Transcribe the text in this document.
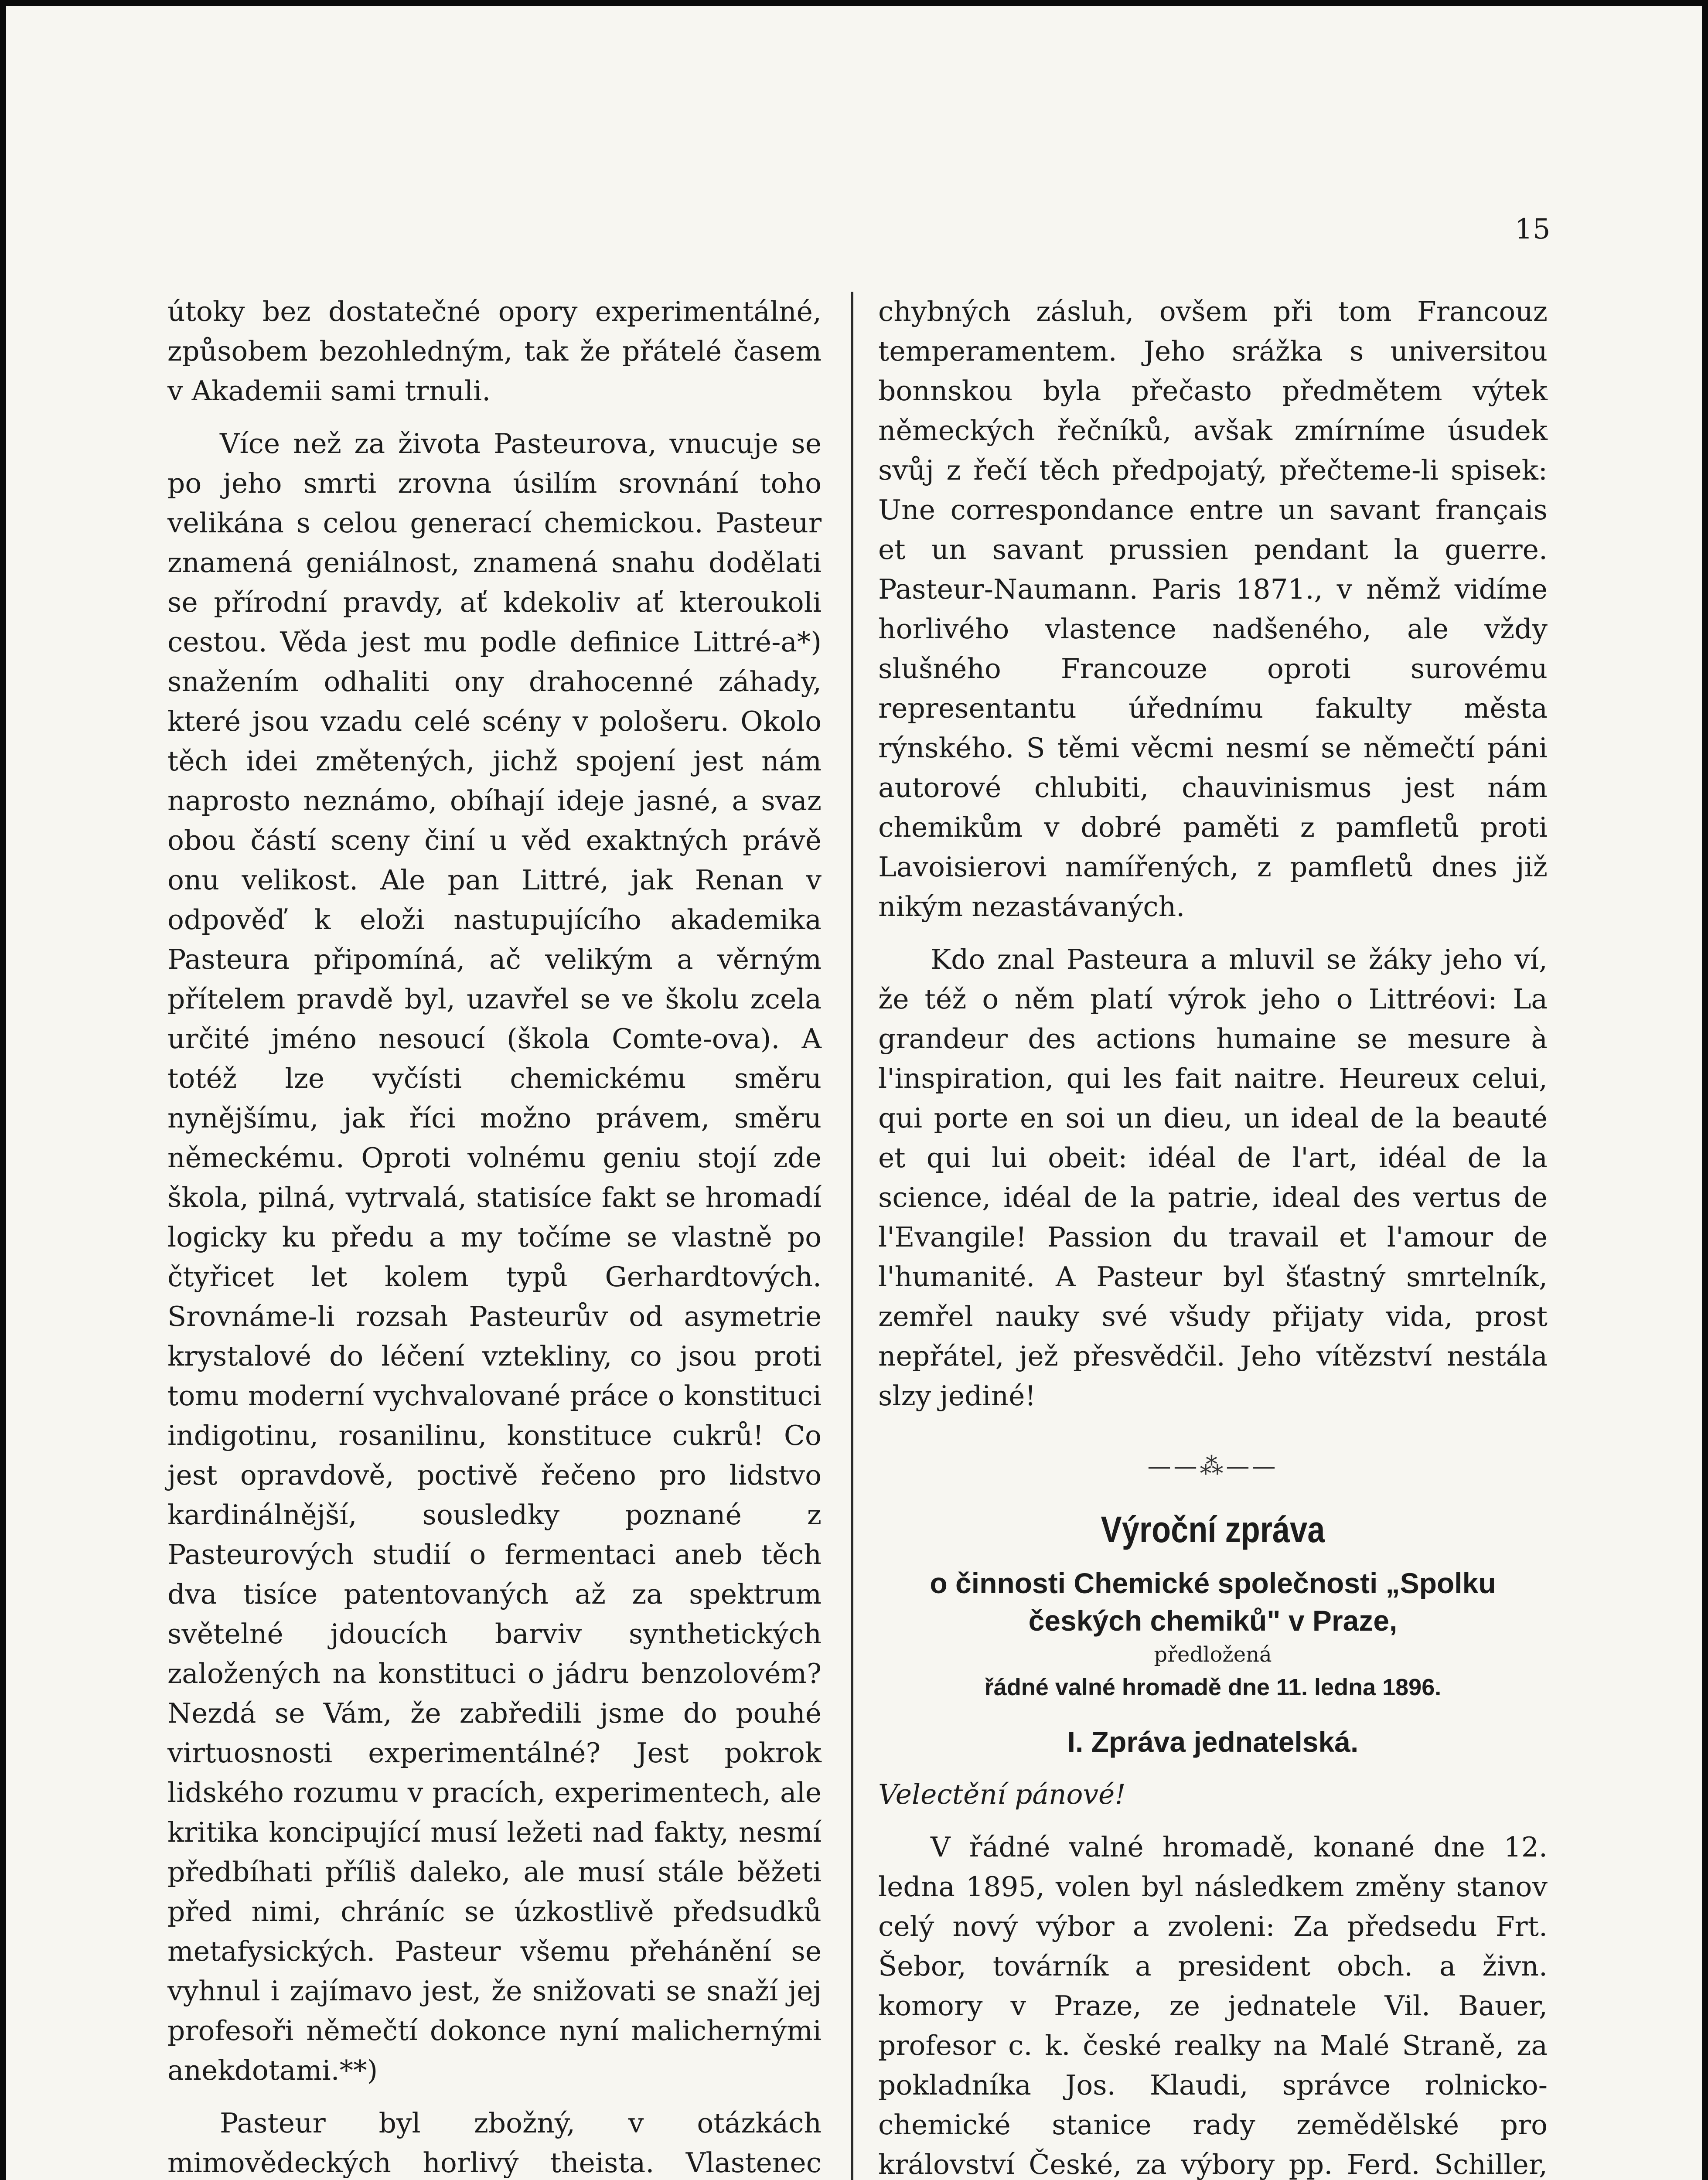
15

útoky bez dostatečné opory experimentálné, způsobem bezohledným, tak že přátelé časem v Akademii sami trnuli.

Více než za života Pasteurova, vnucuje se po jeho smrti zrovna úsilím srovnání toho velikána s celou generací chemickou. Pasteur znamená geniálnost, znamená snahu dodělati se přírodní pravdy, ať kdekoliv ať kteroukoli cestou. Věda jest mu podle definice Littré-a*) snažením odhaliti ony drahocenné záhady, které jsou vzadu celé scény v pološeru. Okolo těch idei změtených, jichž spojení jest nám naprosto neznámo, obíhají ideje jasné, a svaz obou částí sceny činí u věd exaktných právě onu velikost. Ale pan Littré, jak Renan v odpověď k eloži nastupujícího akademika Pasteura připomíná, ač velikým a věrným přítelem pravdě byl, uzavřel se ve školu zcela určité jméno nesoucí (škola Comte-ova). A totéž lze vyčísti chemickému směru nynějšímu, jak říci možno právem, směru německému. Oproti volnému geniu stojí zde škola, pilná, vytrvalá, statisíce fakt se hromadí logicky ku předu a my točíme se vlastně po čtyřicet let kolem typů Gerhardtových. Srovnáme-li rozsah Pasteurův od asymetrie krystalové do léčení vztekliny, co jsou proti tomu moderní vychvalované práce o konstituci indigotinu, rosanilinu, konstituce cukrů! Co jest opravdově, poctivě řečeno pro lidstvo kardinálnější, sousledky poznané z Pasteurových studií o fermentaci aneb těch dva tisíce patentovaných až za spektrum světelné jdoucích barviv synthetických založených na konstituci o jádru benzolovém? Nezdá se Vám, že zabředili jsme do pouhé virtuosnosti experimentálné? Jest pokrok lidského rozumu v pracích, experimentech, ale kritika koncipující musí ležeti nad fakty, nesmí předbíhati příliš daleko, ale musí stále běžeti před nimi, chráníc se úzkostlivě předsudků metafysických. Pasteur všemu přehánění se vyhnul i zajímavo jest, že snižovati se snaží jej profesoři němečtí dokonce nyní malichernými anekdotami.**)

Pasteur byl zbožný, v otázkách mimovědeckých horlivý theista. Vlastenec

chybných zásluh, ovšem při tom Francouz temperamentem. Jeho srážka s universitou bonnskou byla přečasto předmětem výtek německých řečníků, avšak zmírníme úsudek svůj z řečí těch předpojatý, přečteme-li spisek: Une correspondance entre un savant français et un savant prussien pendant la guerre. Pasteur-Naumann. Paris 1871., v němž vidíme horlivého vlastence nadšeného, ale vždy slušného Francouze oproti surovému representantu úřednímu fakulty města rýnského. S těmi věcmi nesmí se němečtí páni autorové chlubiti, chauvinismus jest nám chemikům v dobré paměti z pamfletů proti Lavoisierovi namířených, z pamfletů dnes již nikým nezastávaných.

Kdo znal Pasteura a mluvil se žáky jeho ví, že též o něm platí výrok jeho o Littréovi: La grandeur des actions humaine se mesure à l'inspiration, qui les fait naitre. Heureux celui, qui porte en soi un dieu, un ideal de la beauté et qui lui obeit: idéal de l'art, idéal de la science, idéal de la patrie, ideal des vertus de l'Evangile! Passion du travail et l'amour de l'humanité. A Pasteur byl šťastný smrtelník, zemřel nauky své všudy přijaty vida, prost nepřátel, jež přesvědčil. Jeho vítězství nestála slzy jediné!

——⁂——
Výroční zpráva
o činnosti Chemické společnosti „Spolku českých chemiků" v Praze,
předložená
řádné valné hromadě dne 11. ledna 1896.
I. Zpráva jednatelská.

Velectění pánové!

V řádné valné hromadě, konané dne 12. ledna 1895, volen byl následkem změny stanov celý nový výbor a zvoleni: Za předsedu Frt. Šebor, továrník a president obch. a živn. komory v Praze, ze jednatele Vil. Bauer, profesor c. k. české realky na Malé Straně, za pokladníka Jos. Klaudi, správce rolnicko-chemické stanice rady zemědělské pro království České, za výbory pp. Ferd. Schiller,
